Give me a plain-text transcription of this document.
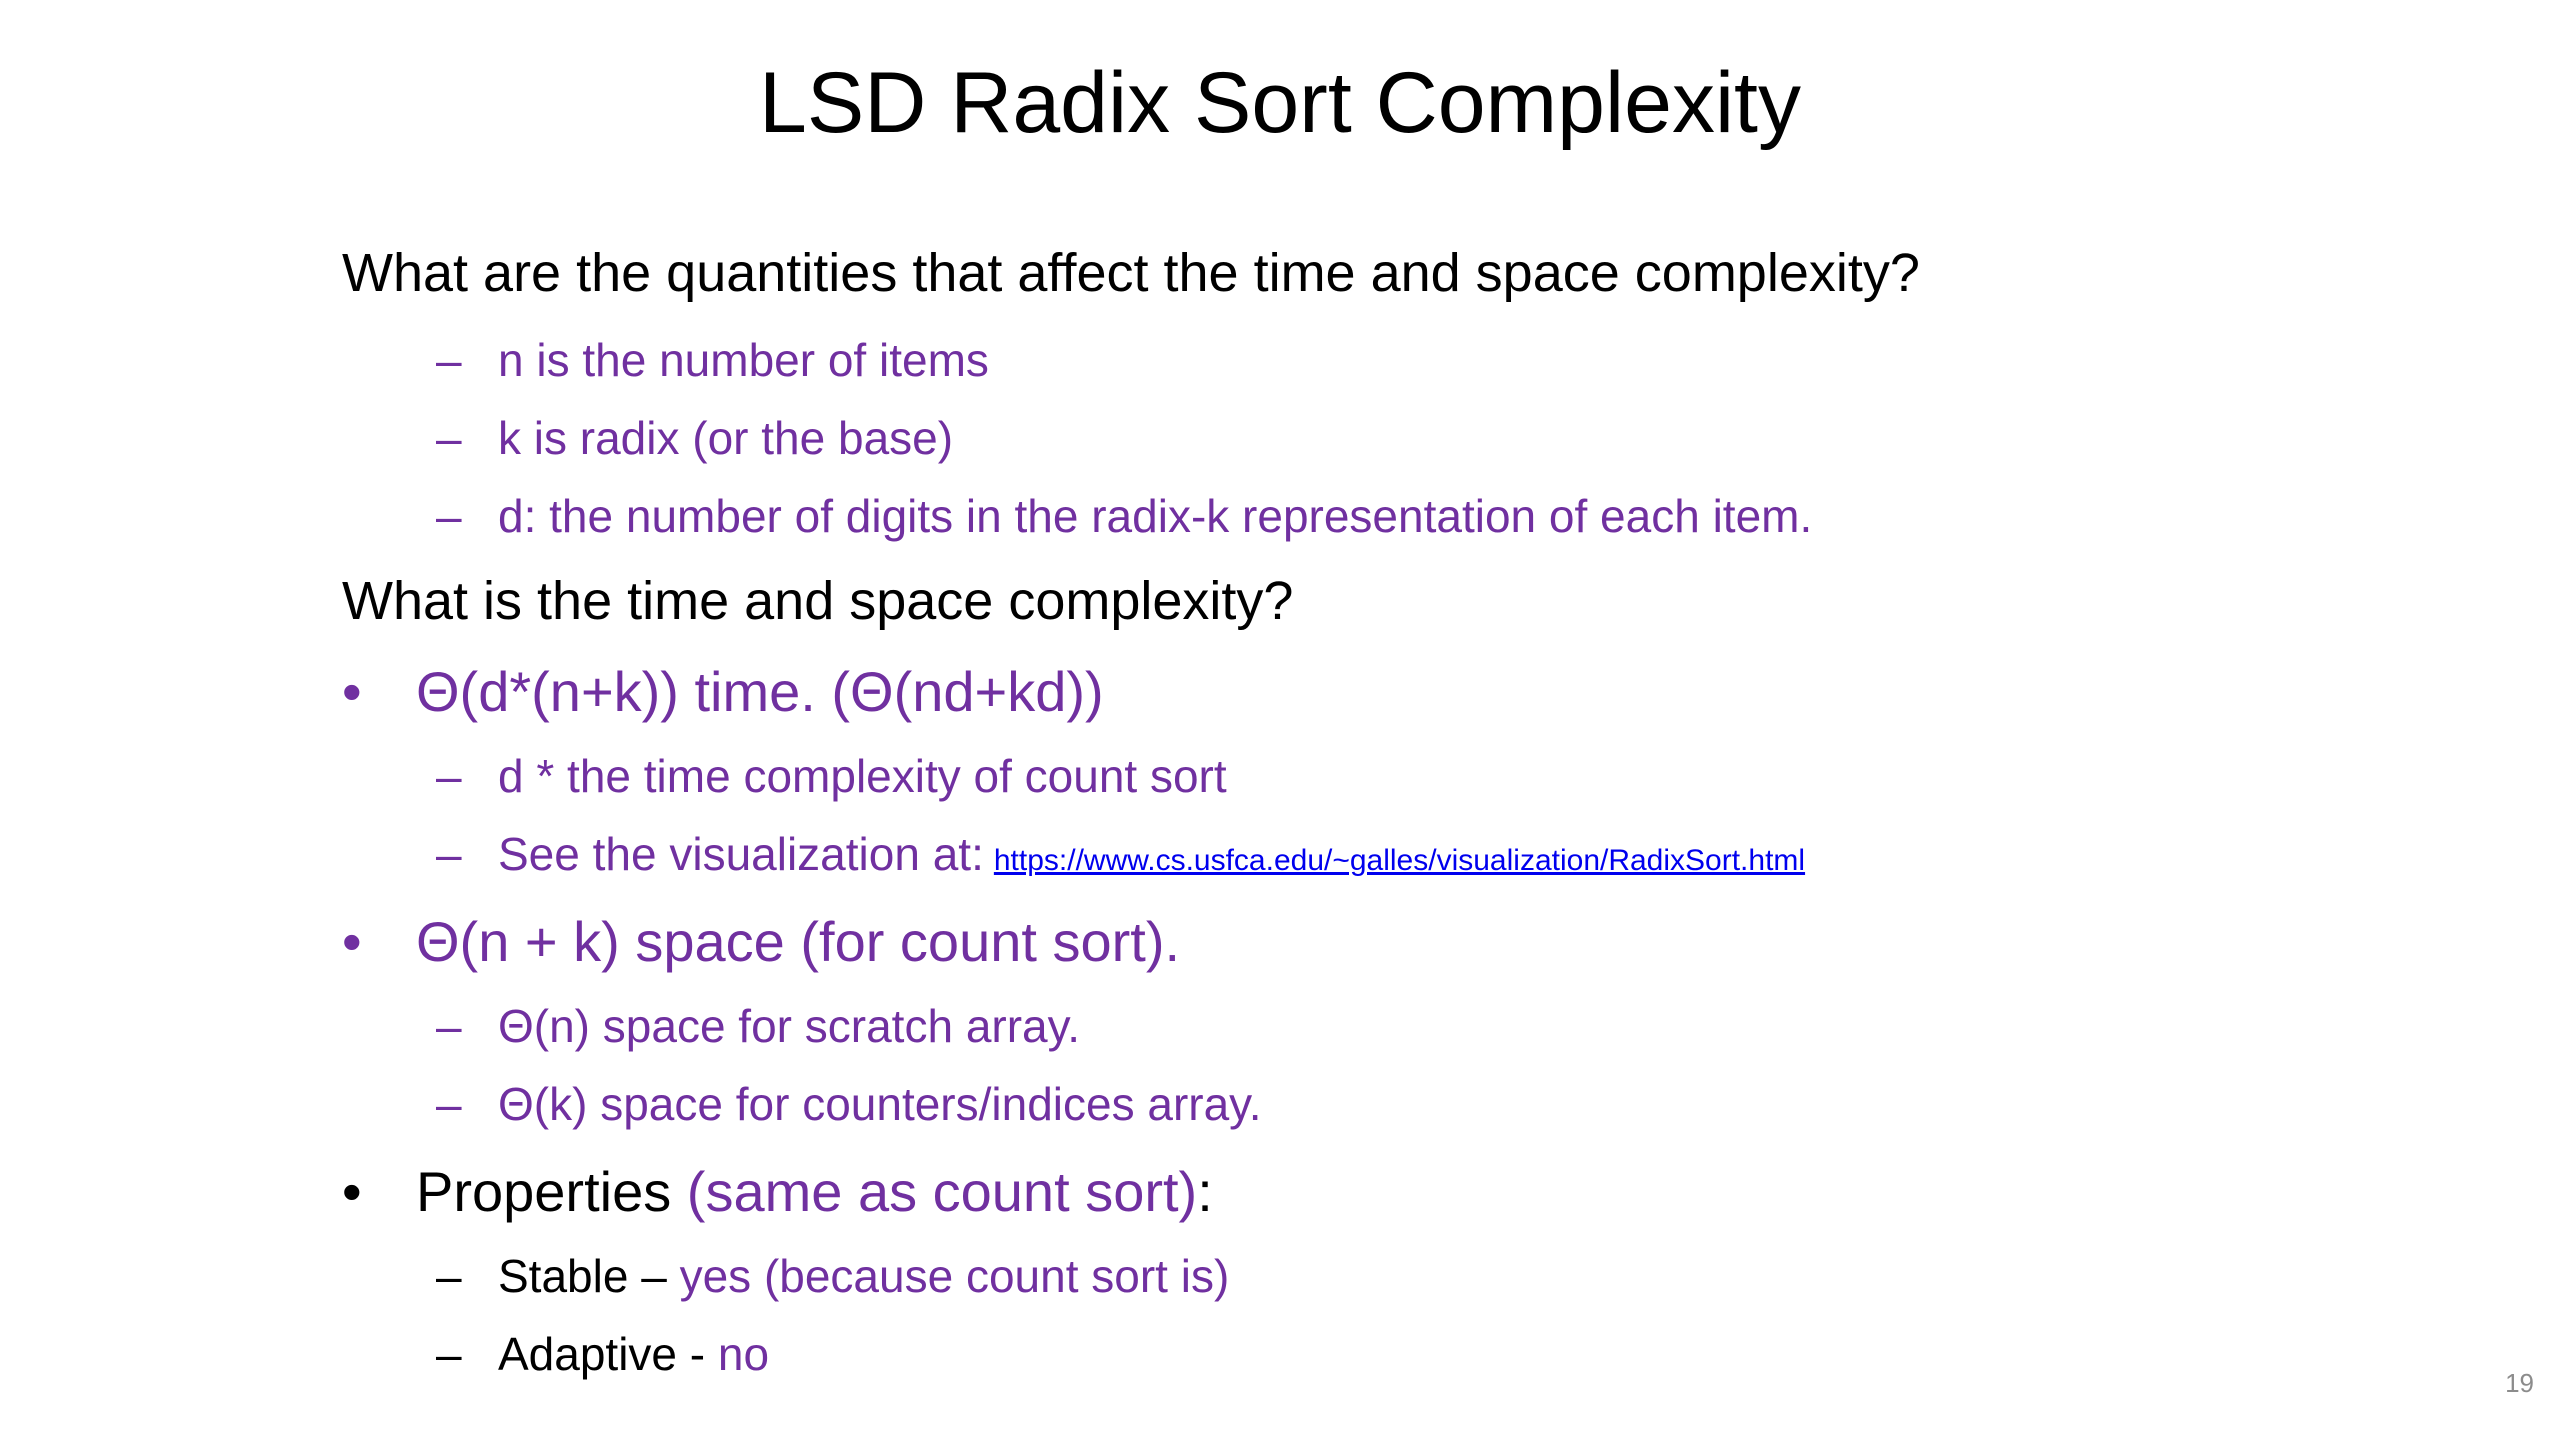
LSD Radix Sort Complexity
What are the quantities that affect the time and space complexity?
– n is the number of items
– k is radix (or the base)
– d: the number of digits in the radix-k representation of each item.
What is the time and space complexity?
• Θ(d*(n+k)) time. (Θ(nd+kd))
– d * the time complexity of count sort
– See the visualization at: https://www.cs.usfca.edu/~galles/visualization/RadixSort.html
• Θ(n + k) space (for count sort).
– Θ(n) space for scratch array.
– Θ(k) space for counters/indices array.
• Properties (same as count sort):
– Stable – yes (because count sort is)
– Adaptive - no
19
